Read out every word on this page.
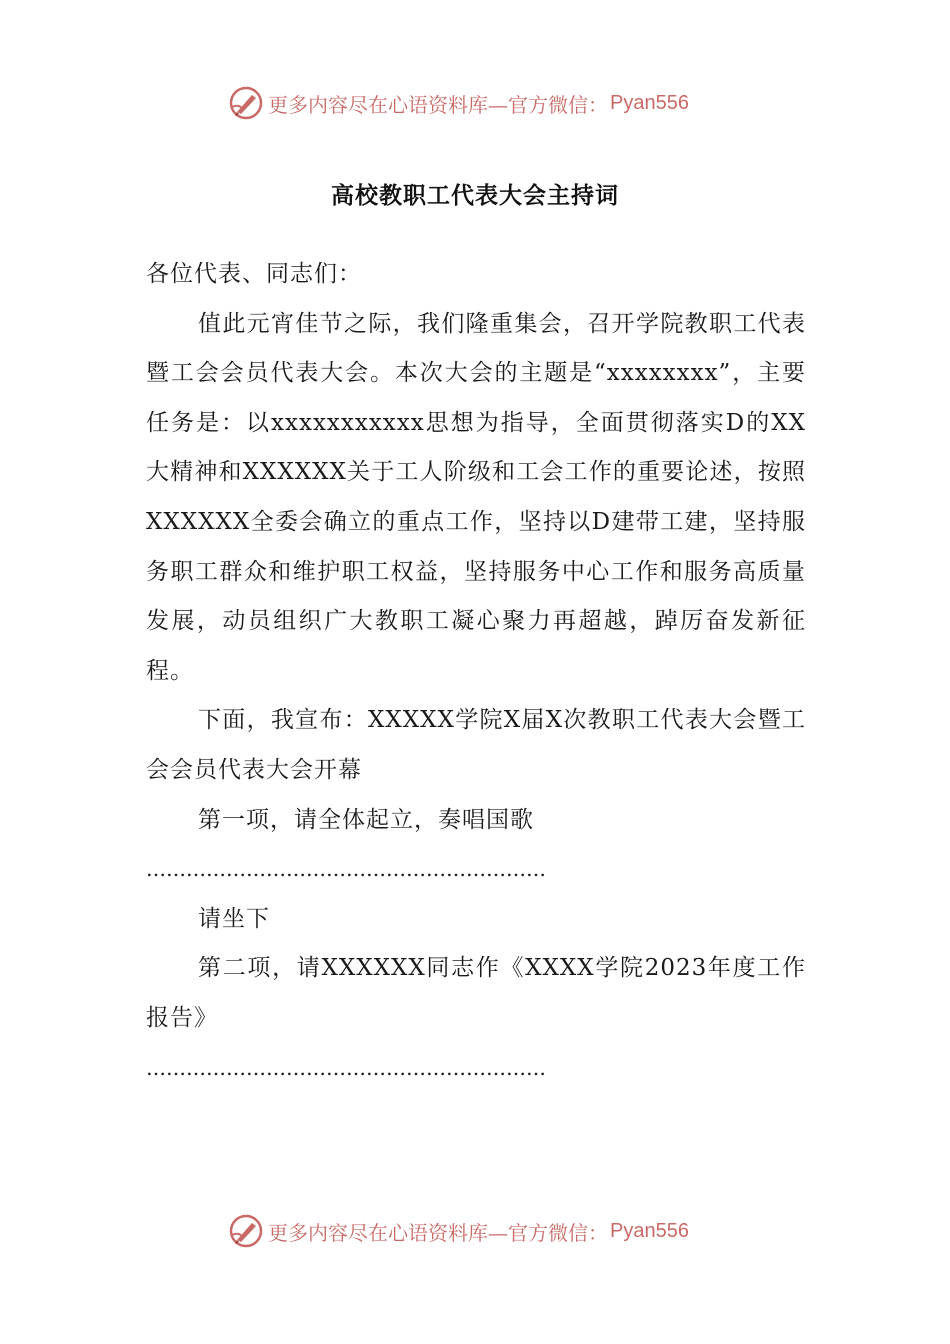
更多内容尽在心语资料库—官方微信： Pyan556
高校教职工代表大会主持词

各位代表、同志们：

值此元宵佳节之际，我们隆重集会，召开学院教职工代表暨工会会员代表大会。本次大会的主题是“xxxxxxxx”，主要任务是：以xxxxxxxxxxx思想为指导，全面贯彻落实D的XX大精神和XXXXXX关于工人阶级和工会工作的重要论述，按照XXXXXX全委会确立的重点工作，坚持以D建带工建，坚持服务职工群众和维护职工权益，坚持服务中心工作和服务高质量发展，动员组织广大教职工凝心聚力再超越，踔厉奋发新征程。

下面，我宣布：XXXXX学院X届X次教职工代表大会暨工会会员代表大会开幕

第一项，请全体起立，奏唱国歌

……………………………………………………

请坐下

第二项，请XXXXXX同志作《XXXX学院2023年度工作报告》

……………………………………………………

更多内容尽在心语资料库—官方微信： Pyan556
